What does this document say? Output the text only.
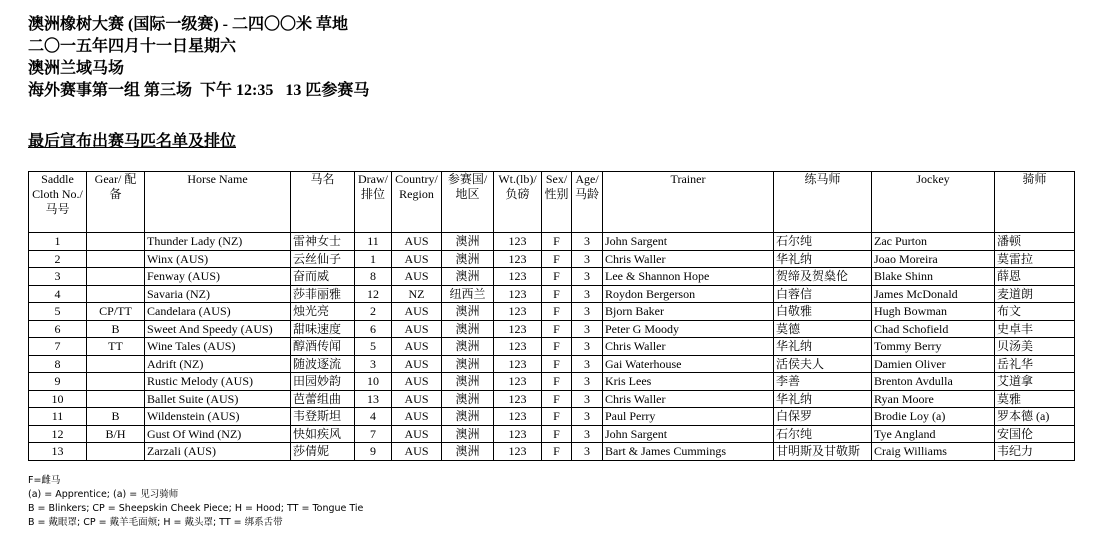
澳洲橡树大赛 (国际一级赛) - 二四〇〇米 草地
二〇一五年四月十一日星期六
澳洲兰域马场
海外赛事第一组 第三场  下午 12:35   13 匹参赛马
最后宣布出赛马匹名单及排位
Saddle Cloth No./ 马号	Gear/ 配备	Horse Name	马名	Draw/ 排位	Country/ Region	参赛国/ 地区	Wt.(lb)/ 负磅	Sex/ 性别	Age/ 马龄	Trainer	练马师	Jockey	骑师
1		Thunder Lady (NZ)	雷神女士	11	AUS	澳洲	123	F	3	John Sargent	石尔纯	Zac Purton	潘顿
2		Winx (AUS)	云丝仙子	1	AUS	澳洲	123	F	3	Chris Waller	华礼纳	Joao Moreira	莫雷拉
3		Fenway (AUS)	奋而威	8	AUS	澳洲	123	F	3	Lee & Shannon Hope	贺缔及贺燊伦	Blake Shinn	薛恩
4		Savaria (NZ)	莎菲丽雅	12	NZ	纽西兰	123	F	3	Roydon Bergerson	白蓉信	James McDonald	麦道朗
5	CP/TT	Candelara (AUS)	烛光亮	2	AUS	澳洲	123	F	3	Bjorn Baker	白敬雅	Hugh Bowman	布文
6	B	Sweet And Speedy (AUS)	甜味速度	6	AUS	澳洲	123	F	3	Peter G Moody	莫德	Chad Schofield	史卓丰
7	TT	Wine Tales (AUS)	醇酒传闻	5	AUS	澳洲	123	F	3	Chris Waller	华礼纳	Tommy Berry	贝汤美
8		Adrift (NZ)	随波逐流	3	AUS	澳洲	123	F	3	Gai Waterhouse	活侯夫人	Damien Oliver	岳礼华
9		Rustic Melody (AUS)	田园妙韵	10	AUS	澳洲	123	F	3	Kris Lees	李善	Brenton Avdulla	艾道拿
10		Ballet Suite (AUS)	芭蕾组曲	13	AUS	澳洲	123	F	3	Chris Waller	华礼纳	Ryan Moore	莫雅
11	B	Wildenstein (AUS)	韦登斯坦	4	AUS	澳洲	123	F	3	Paul Perry	白保罗	Brodie Loy (a)	罗本德 (a)
12	B/H	Gust Of Wind (NZ)	快如疾风	7	AUS	澳洲	123	F	3	John Sargent	石尔纯	Tye Angland	安国伦
13		Zarzali (AUS)	莎倩妮	9	AUS	澳洲	123	F	3	Bart & James Cummings	甘明斯及甘敬斯	Craig Williams	韦纪力
F=雌马
(a) = Apprentice; (a) = 见习骑师
B = Blinkers; CP = Sheepskin Cheek Piece; H = Hood; TT = Tongue Tie
B = 戴眼罩; CP = 戴羊毛面颊; H = 戴头罩; TT = 绑系舌带
